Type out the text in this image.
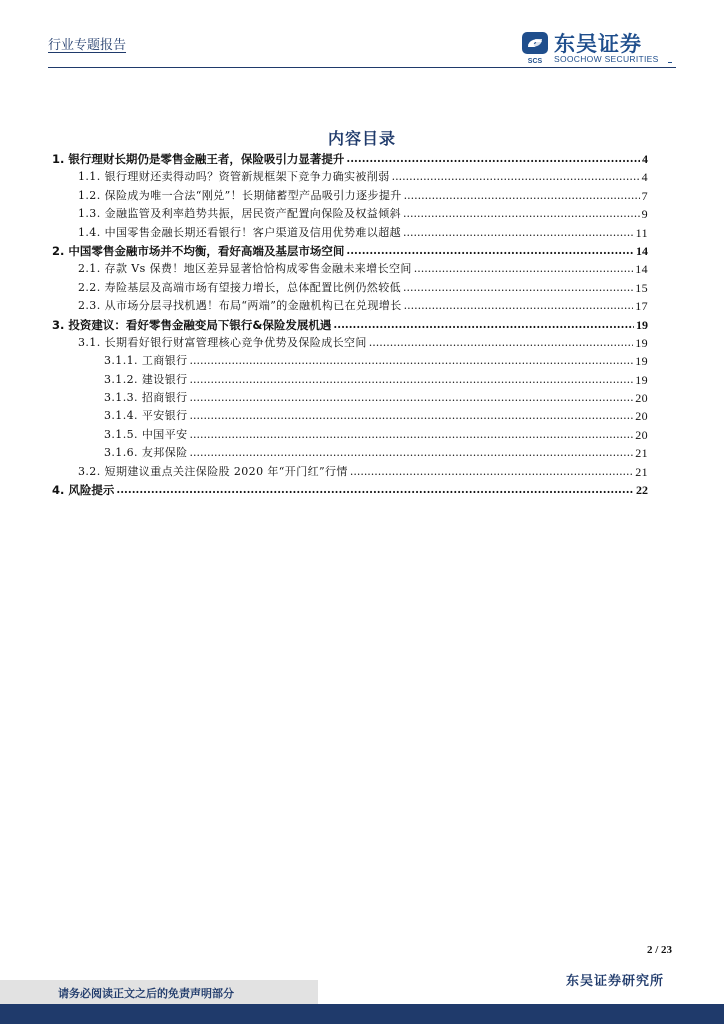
行业专题报告
SCS
东吴证券
SOOCHOW SECURITIES
内容目录
1. 银行理财长期仍是零售金融王者，保险吸引力显著提升 .....	4
1.1. 银行理财还卖得动吗？资管新规框架下竞争力确实被削弱 .....	4
1.2. 保险成为唯一合法“刚兑”！长期储蓄型产品吸引力逐步提升 .....	7
1.3. 金融监管及利率趋势共振，居民资产配置向保险及权益倾斜 .....	9
1.4. 中国零售金融长期还看银行！客户渠道及信用优势难以超越 .....	11
2. 中国零售金融市场并不均衡，看好高端及基层市场空间 .....	14
2.1. 存款 Vs 保费！地区差异显著恰恰构成零售金融未来增长空间 .....	14
2.2. 寿险基层及高端市场有望接力增长，总体配置比例仍然较低 .....	15
2.3. 从市场分层寻找机遇！布局“两端”的金融机构已在兑现增长 .....	17
3. 投资建议：看好零售金融变局下银行&保险发展机遇 .....	19
3.1. 长期看好银行财富管理核心竞争优势及保险成长空间 .....	19
3.1.1. 工商银行 .....	19
3.1.2. 建设银行 .....	19
3.1.3. 招商银行 .....	20
3.1.4. 平安银行 .....	20
3.1.5. 中国平安 .....	20
3.1.6. 友邦保险 .....	21
3.2. 短期建议重点关注保险股 2020 年“开门红”行情 .....	21
4. 风险提示 .....	22
2 / 23
东吴证券研究所
请务必阅读正文之后的免责声明部分
